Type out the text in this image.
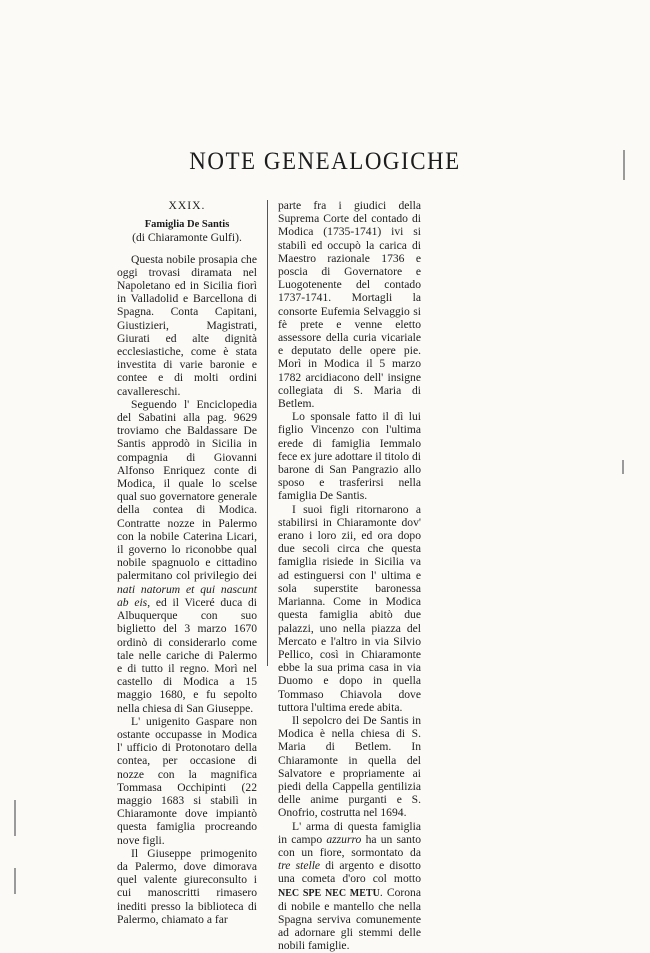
NOTE GENEALOGICHE
XXIX.
Famiglia De Santis
(di Chiaramonte Gulfi).

Questa nobile prosapia che oggi trovasi diramata nel Napoletano ed in Sicilia fiorì in Valladolid e Barcellona di Spagna. Conta Capitani, Giustizieri, Magistrati, Giurati ed alte dignità ecclesiastiche, come è stata investita di varie baronie e contee e di molti ordini cavallereschi.

Seguendo l' Enciclopedia del Sabatini alla pag. 9629 troviamo che Baldassare De Santis approdò in Sicilia in compagnia di Giovanni Alfonso Enriquez conte di Modica, il quale lo scelse qual suo governatore generale della contea di Modica. Contratte nozze in Palermo con la nobile Caterina Licari, il governo lo riconobbe qual nobile spagnuolo e cittadino palermitano col privilegio dei nati natorum et qui nascunt ab eis, ed il Viceré duca di Albuquerque con suo biglietto del 3 marzo 1670 ordinò di considerarlo come tale nelle cariche di Palermo e di tutto il regno. Morì nel castello di Modica a 15 maggio 1680, e fu sepolto nella chiesa di San Giuseppe.

L' unigenito Gaspare non ostante occupasse in Modica l' ufficio di Protonotaro della contea, per occasione di nozze con la magnifica Tommasa Occhipinti (22 maggio 1683 si stabilì in Chiaramonte dove impiantò questa famiglia procreando nove figli.

Il Giuseppe primogenito da Palermo, dove dimorava quel valente giureconsulto i cui manoscritti rimasero inediti presso la biblioteca di Palermo, chiamato a far

parte fra i giudici della Suprema Corte del contado di Modica (1735-1741) ivi si stabilì ed occupò la carica di Maestro razionale 1736 e poscia di Governatore e Luogotenente del contado 1737-1741. Mortagli la consorte Eufemia Selvaggio si fè prete e venne eletto assessore della curia vicariale e deputato delle opere pie. Morì in Modica il 5 marzo 1782 arcidiacono dell' insigne collegiata di S. Maria di Betlem.

Lo sponsale fatto il dì lui figlio Vincenzo con l'ultima erede di famiglia Iemmalo fece ex jure adottare il titolo di barone di San Pangrazio allo sposo e trasferirsi nella famiglia De Santis.

I suoi figli ritornarono a stabilirsi in Chiaramonte dov' erano i loro zii, ed ora dopo due secoli circa che questa famiglia risiede in Sicilia va ad estinguersi con l' ultima e sola superstite baronessa Marianna. Come in Modica questa famiglia abitò due palazzi, uno nella piazza del Mercato e l'altro in via Silvio Pellico, così in Chiaramonte ebbe la sua prima casa in via Duomo e dopo in quella Tommaso Chiavola dove tuttora l'ultima erede abita.

Il sepolcro dei De Santis in Modica è nella chiesa di S. Maria di Betlem. In Chiaramonte in quella del Salvatore e propriamente ai piedi della Cappella gentilizia delle anime purganti e S. Onofrio, costrutta nel 1694.

L' arma di questa famiglia in campo azzurro ha un santo con un fiore, sormontato da tre stelle di argento e disotto una cometa d'oro col motto NEC SPE NEC METU. Corona di nobile e mantello che nella Spagna serviva comunemente ad adornare gli stemmi delle nobili famiglie.
